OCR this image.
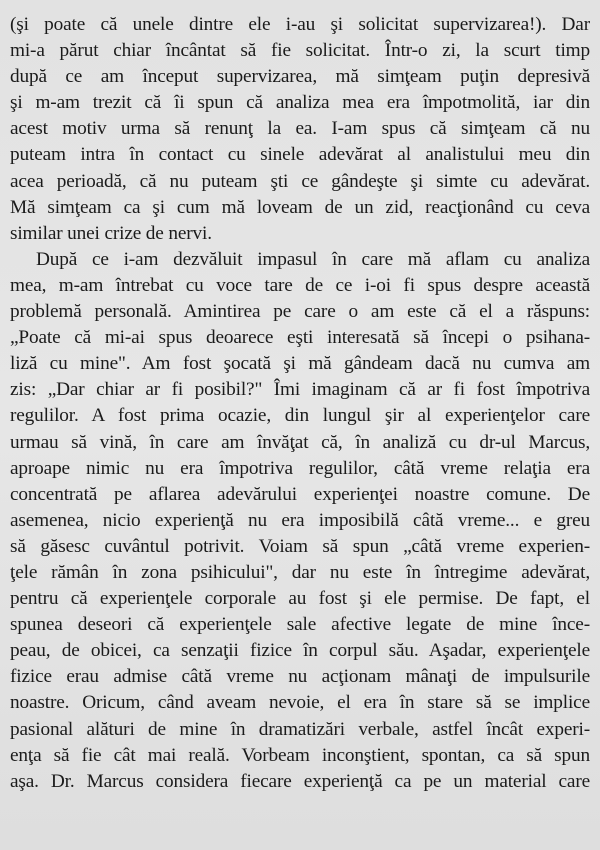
(şi poate că unele dintre ele i-au şi solicitat supervizarea!). Dar
mi-a părut chiar încântat să fie solicitat. Într-o zi, la scurt timp
după ce am început supervizarea, mă simţeam puţin depresivă
şi m-am trezit că îi spun că analiza mea era împotmolită, iar din
acest motiv urma să renunţ la ea. I-am spus că simţeam că nu
puteam intra în contact cu sinele adevărat al analistului meu din
acea perioadă, că nu puteam şti ce gândeşte şi simte cu adevărat.
Mă simţeam ca şi cum mă loveam de un zid, reacţionând cu ceva
similar unei crize de nervi.
După ce i-am dezvăluit impasul în care mă aflam cu analiza
mea, m-am întrebat cu voce tare de ce i-oi fi spus despre această
problemă personală. Amintirea pe care o am este că el a răspuns:
„Poate că mi-ai spus deoarece eşti interesată să începi o psihana-
liză cu mine". Am fost şocată şi mă gândeam dacă nu cumva am
zis: „Dar chiar ar fi posibil?" Îmi imaginam că ar fi fost împotriva
regulilor. A fost prima ocazie, din lungul şir al experienţelor care
urmau să vină, în care am învăţat că, în analiză cu dr-ul Marcus,
aproape nimic nu era împotriva regulilor, câtă vreme relaţia era
concentrată pe aflarea adevărului experienţei noastre comune. De
asemenea, nicio experienţă nu era imposibilă câtă vreme... e greu
să găsesc cuvântul potrivit. Voiam să spun „câtă vreme experien-
ţele rămân în zona psihicului", dar nu este în întregime adevărat,
pentru că experienţele corporale au fost şi ele permise. De fapt, el
spunea deseori că experienţele sale afective legate de mine înce-
peau, de obicei, ca senzaţii fizice în corpul său. Aşadar, experienţele
fizice erau admise câtă vreme nu acţionam mânaţi de impulsurile
noastre. Oricum, când aveam nevoie, el era în stare să se implice
pasional alături de mine în dramatizări verbale, astfel încât experi-
enţa să fie cât mai reală. Vorbeam inconştient, spontan, ca să spun
aşa. Dr. Marcus considera fiecare experienţă ca pe un material care
